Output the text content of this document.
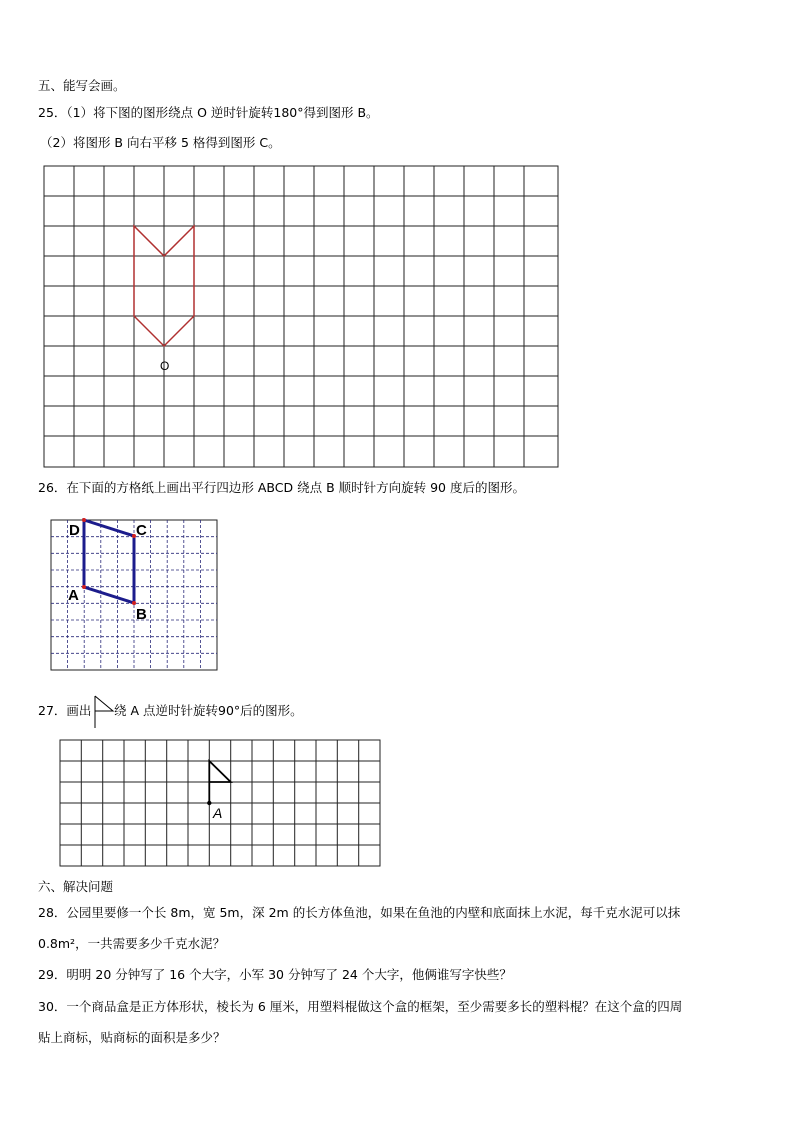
五、能写会画。
25．（1）将下图的图形绕点 O 逆时针旋转180°得到图形 B。
（2）将图形 B 向右平移 5 格得到图形 C。
O
26．在下面的方格纸上画出平行四边形 ABCD 绕点 B 顺时针方向旋转 90 度后的图形。
D	C
A
B
27．画出 绕 A 点逆时针旋转90°后的图形。
A
六、解决问题
28．公园里要修一个长 8m，宽 5m，深 2m 的长方体鱼池，如果在鱼池的内壁和底面抹上水泥，每千克水泥可以抹
0.8m²，一共需要多少千克水泥？
29．明明 20 分钟写了 16 个大字，小军 30 分钟写了 24 个大字，他俩谁写字快些？
30．一个商品盒是正方体形状，棱长为 6 厘米，用塑料棍做这个盒的框架，至少需要多长的塑料棍？在这个盒的四周
贴上商标，贴商标的面积是多少？
